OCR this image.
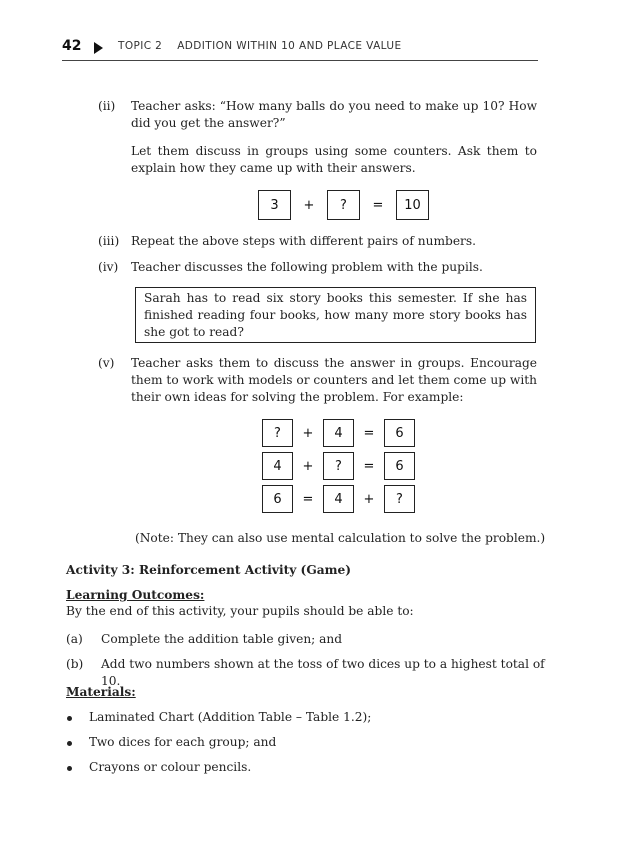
42	TOPIC 2    ADDITION WITHIN 10 AND PLACE VALUE
(ii)	Teacher asks: “How many balls do you need to make up 10? How did you get the answer?”
Let them discuss in groups using some counters. Ask them to explain how they came up with their answers.
3	+	?	=	10
(iii) Repeat the above steps with different pairs of numbers.
(iv)	Teacher discusses the following problem with the pupils.
Sarah has to read six story books this semester. If she has finished reading four books, how many more story books has she got to read?
(v)	Teacher asks them to discuss the answer in groups. Encourage them to work with models or counters and let them come up with their own ideas for solving the problem. For example:
?	+	4	=	6
4	+	?	=	6
6	=	4	+	?
(Note: They can also use mental calculation to solve the problem.)
Activity 3: Reinforcement Activity (Game)
Learning Outcomes:
By the end of this activity, your pupils should be able to:
(a) Complete the addition table given; and
(b) Add two numbers shown at the toss of two dices up to a highest total of 10.
Materials:
Laminated Chart (Addition Table – Table 1.2);
Two dices for each group; and
Crayons or colour pencils.
